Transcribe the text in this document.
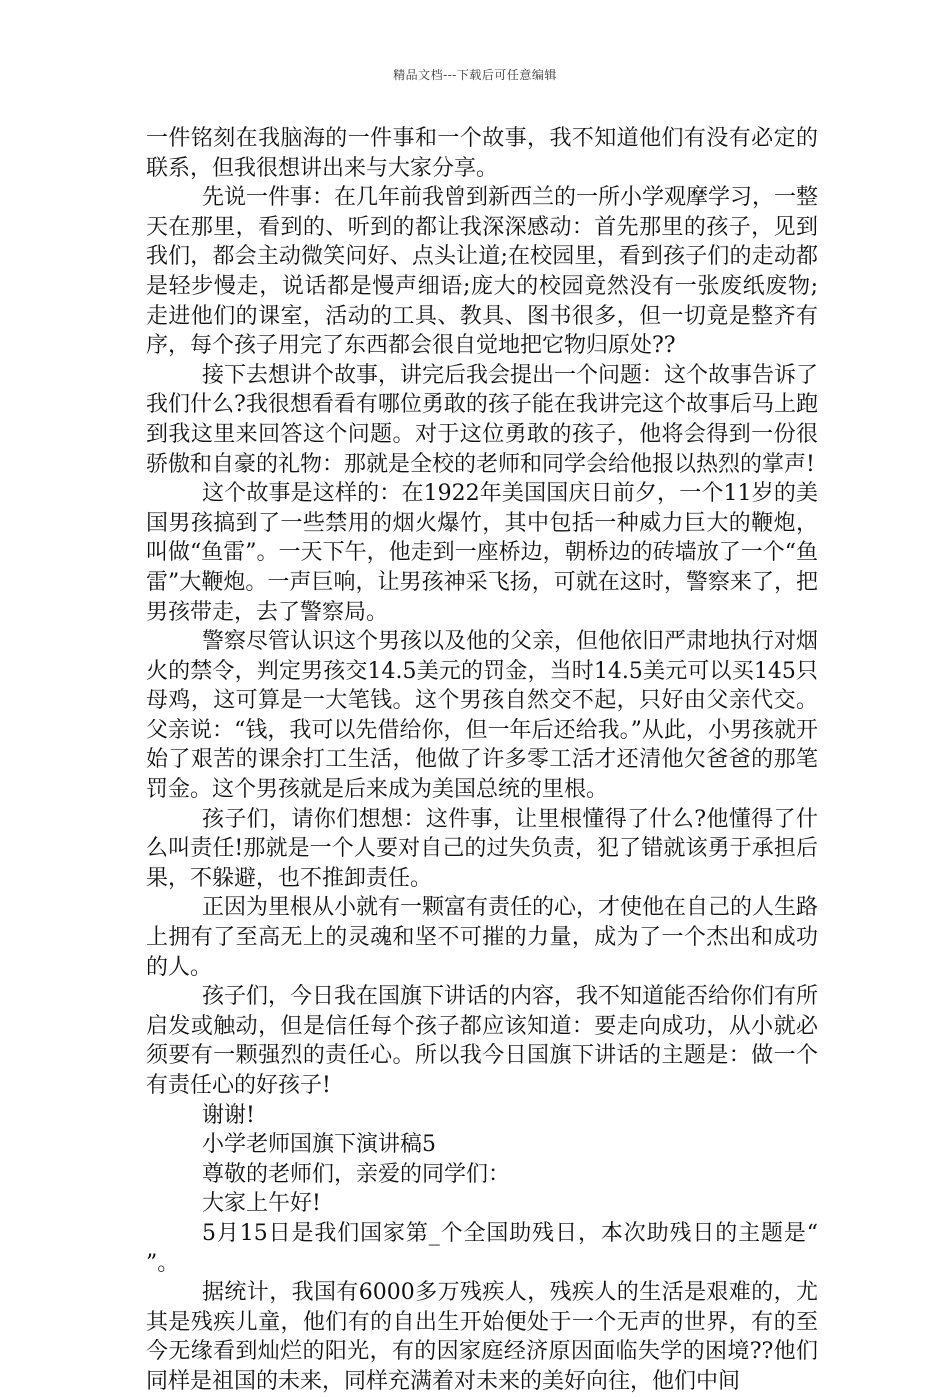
精品文档---下载后可任意编辑

一件铭刻在我脑海的一件事和一个故事，我不知道他们有没有必定的联系，但我很想讲出来与大家分享。

先说一件事：在几年前我曾到新西兰的一所小学观摩学习，一整天在那里，看到的、听到的都让我深深感动：首先那里的孩子，见到我们，都会主动微笑问好、点头让道;在校园里，看到孩子们的走动都是轻步慢走，说话都是慢声细语;庞大的校园竟然没有一张废纸废物;走进他们的课室，活动的工具、教具、图书很多，但一切竟是整齐有序，每个孩子用完了东西都会很自觉地把它物归原处??

接下去想讲个故事，讲完后我会提出一个问题：这个故事告诉了我们什么?我很想看看有哪位勇敢的孩子能在我讲完这个故事后马上跑到我这里来回答这个问题。对于这位勇敢的孩子，他将会得到一份很骄傲和自豪的礼物：那就是全校的老师和同学会给他报以热烈的掌声!

这个故事是这样的：在1922年美国国庆日前夕，一个11岁的美国男孩搞到了一些禁用的烟火爆竹，其中包括一种威力巨大的鞭炮，叫做“鱼雷”。一天下午，他走到一座桥边，朝桥边的砖墙放了一个“鱼雷”大鞭炮。一声巨响，让男孩神采飞扬，可就在这时，警察来了，把男孩带走，去了警察局。

警察尽管认识这个男孩以及他的父亲，但他依旧严肃地执行对烟火的禁令，判定男孩交14.5美元的罚金，当时14.5美元可以买145只母鸡，这可算是一大笔钱。这个男孩自然交不起，只好由父亲代交。父亲说：“钱，我可以先借给你，但一年后还给我。”从此，小男孩就开始了艰苦的课余打工生活，他做了许多零工活才还清他欠爸爸的那笔罚金。这个男孩就是后来成为美国总统的里根。

孩子们，请你们想想：这件事，让里根懂得了什么?他懂得了什么叫责任!那就是一个人要对自己的过失负责，犯了错就该勇于承担后果，不躲避，也不推卸责任。

正因为里根从小就有一颗富有责任的心，才使他在自己的人生路上拥有了至高无上的灵魂和坚不可摧的力量，成为了一个杰出和成功的人。

孩子们，今日我在国旗下讲话的内容，我不知道能否给你们有所启发或触动，但是信任每个孩子都应该知道：要走向成功，从小就必须要有一颗强烈的责任心。所以我今日国旗下讲话的主题是：做一个有责任心的好孩子!

谢谢!

小学老师国旗下演讲稿5

尊敬的老师们，亲爱的同学们：

大家上午好!

5月15日是我们国家第_个全国助残日，本次助残日的主题是“ ”。

据统计，我国有6000多万残疾人，残疾人的生活是艰难的，尤其是残疾儿童，他们有的自出生开始便处于一个无声的世界，有的至今无缘看到灿烂的阳光，有的因家庭经济原因面临失学的困境??他们同样是祖国的未来，同样充满着对未来的美好向往，他们中间
